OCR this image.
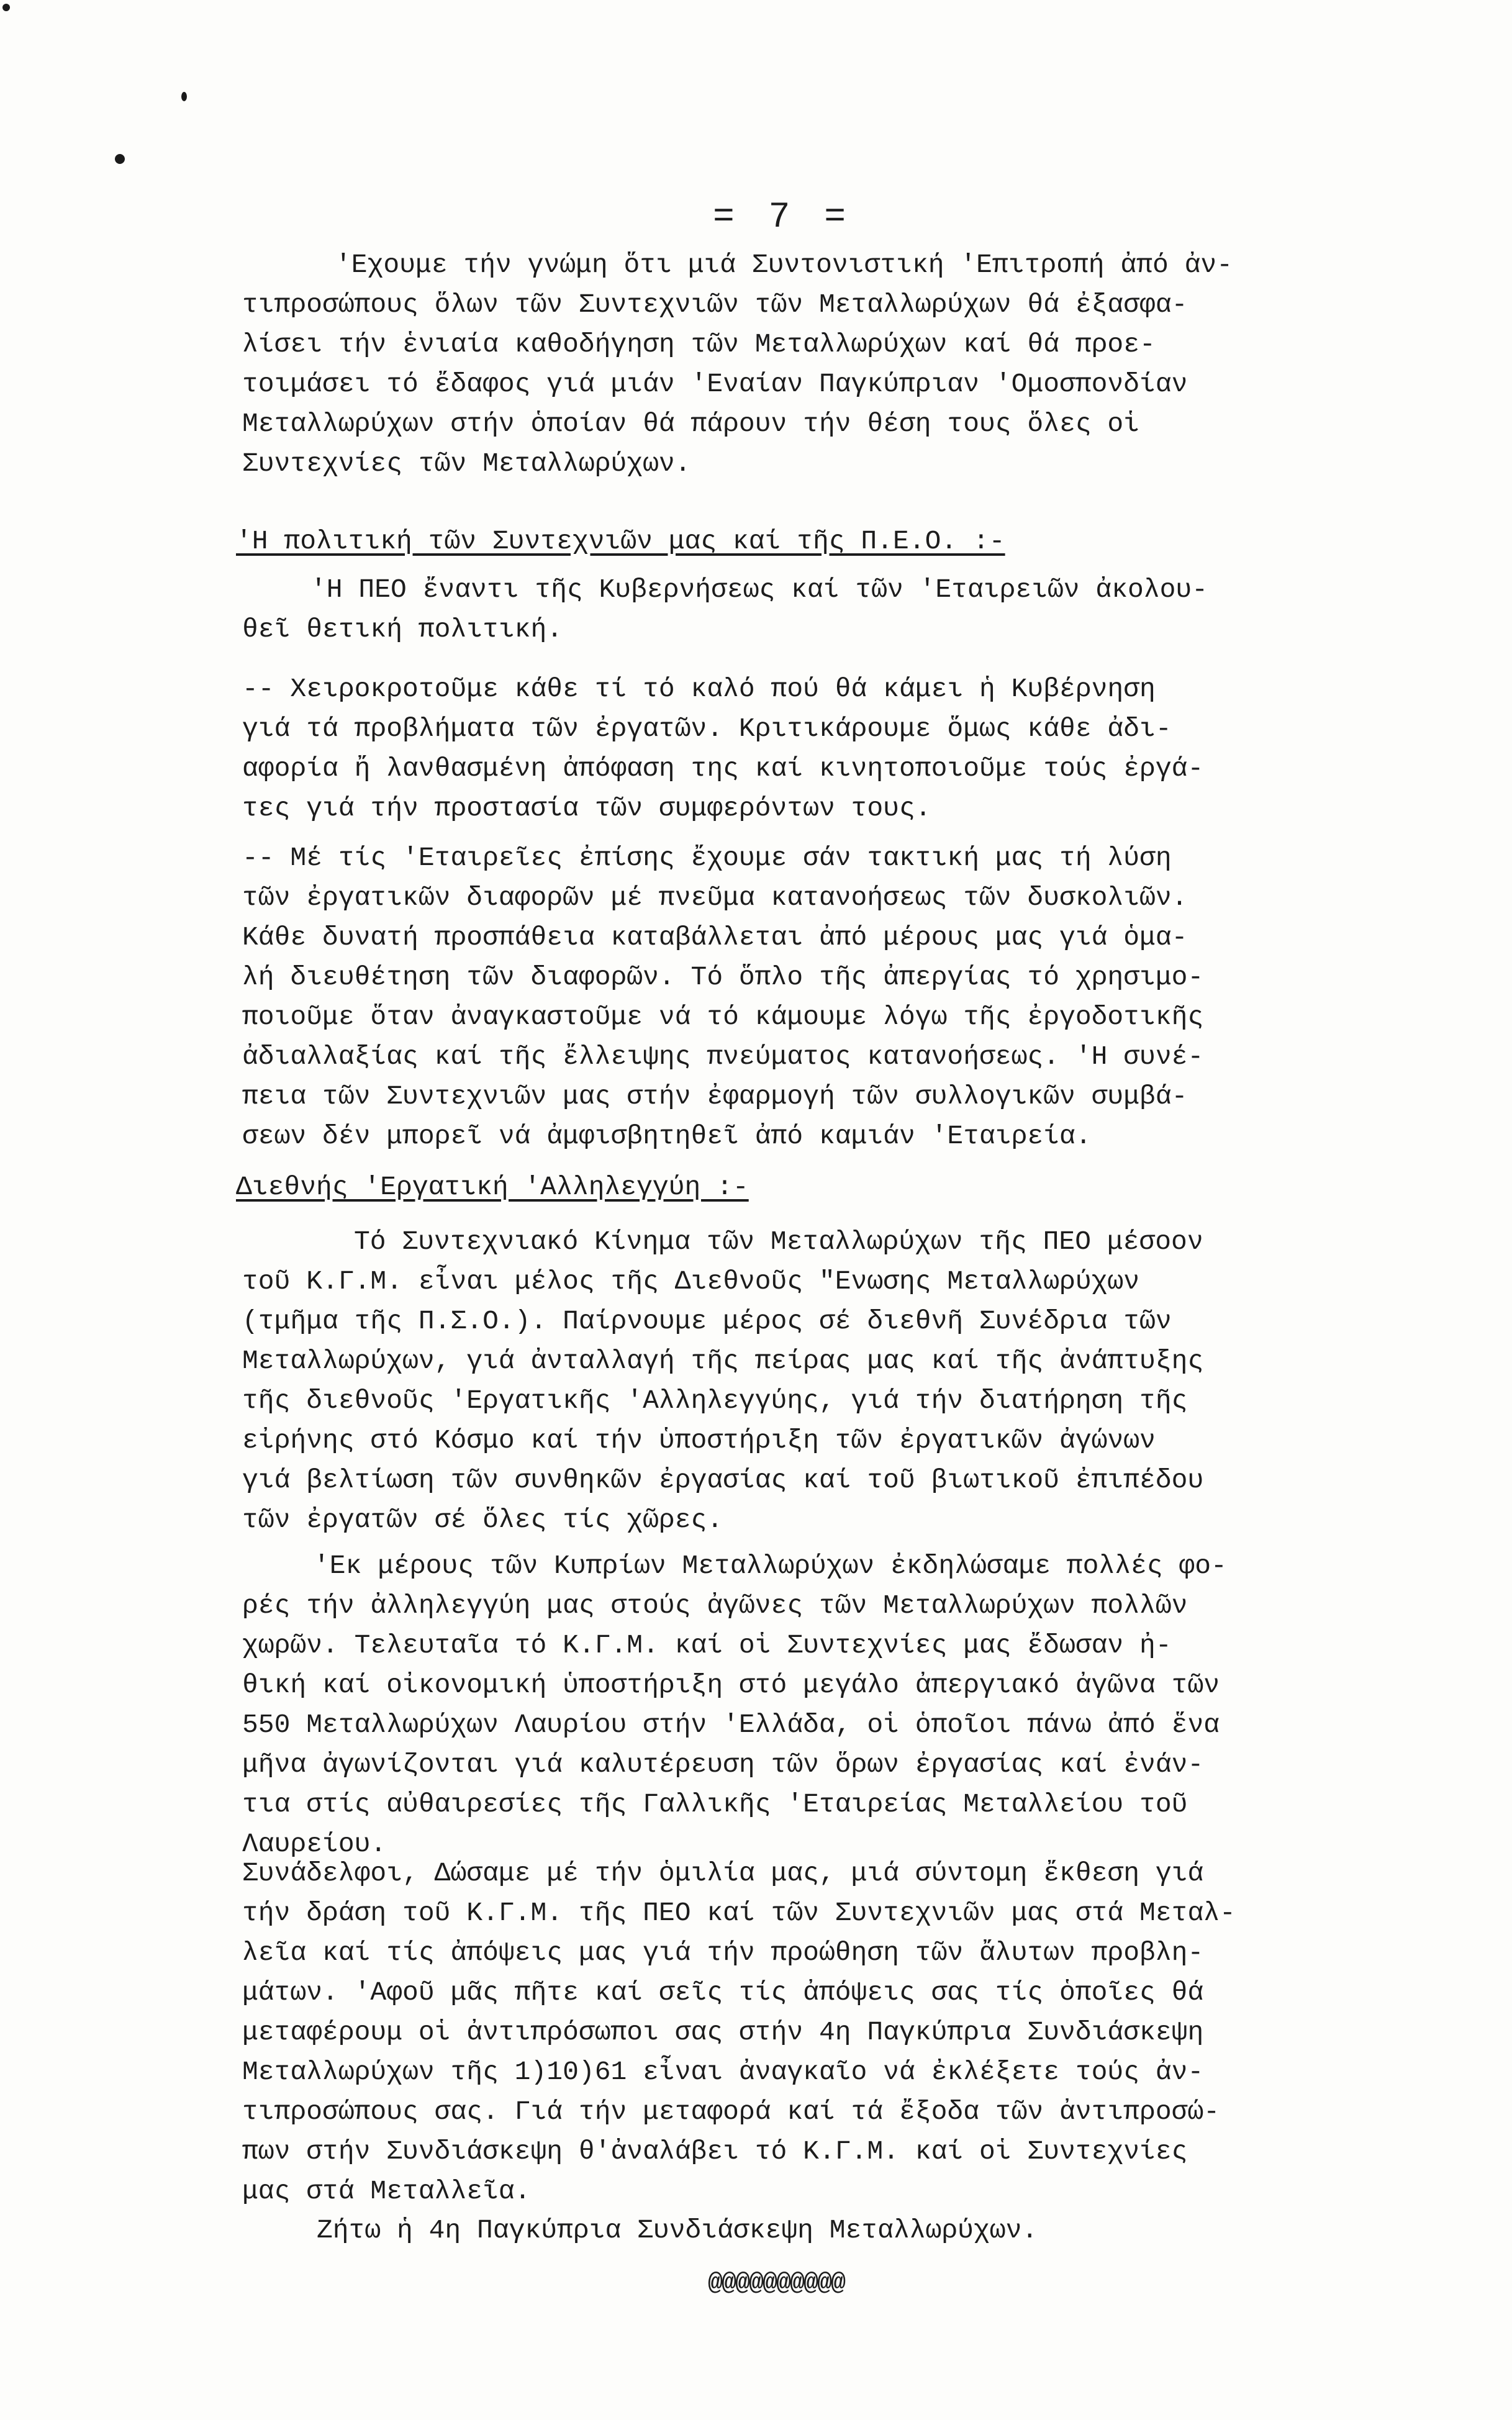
= 7 =
'Εχουμε τήν γνώμη ὅτι μιά Συντονιστική 'Επιτροπή ἀπό ἀν-
τιπροσώπους ὅλων τῶν Συντεχνιῶν τῶν Μεταλλωρύχων θά ἐξασφα-
λίσει τήν ἑνιαία καθοδήγηση τῶν Μεταλλωρύχων καί θά προε-
τοιμάσει τό ἔδαφος γιά μιάν 'Εναίαν Παγκύπριαν 'Ομοσπονδίαν
Μεταλλωρύχων στήν ὁποίαν θά πάρουν τήν θέση τους ὅλες οἱ
Συντεχνίες τῶν Μεταλλωρύχων.
'Η πολιτική τῶν Συντεχνιῶν μας καί τῆς Π.Ε.Ο. :-
'Η ΠΕΟ ἔναντι τῆς Κυβερνήσεως καί τῶν 'Εταιρειῶν ἀκολου-
θεῖ θετική πολιτική.
-- Χειροκροτοῦμε κάθε τί τό καλό πού θά κάμει ἡ Κυβέρνηση
γιά τά προβλήματα τῶν ἐργατῶν. Κριτικάρουμε ὅμως κάθε ἀδι-
αφορία ἤ λανθασμένη ἀπόφαση της καί κινητοποιοῦμε τούς ἐργά-
τες γιά τήν προστασία τῶν συμφερόντων τους.
-- Μέ τίς 'Εταιρεῖες ἐπίσης ἔχουμε σάν τακτική μας τή λύση
τῶν ἐργατικῶν διαφορῶν μέ πνεῦμα κατανοήσεως τῶν δυσκολιῶν.
Κάθε δυνατή προσπάθεια καταβάλλεται ἀπό μέρους μας γιά ὁμα-
λή διευθέτηση τῶν διαφορῶν. Τό ὅπλο τῆς ἀπεργίας τό χρησιμο-
ποιοῦμε ὅταν ἀναγκαστοῦμε νά τό κάμουμε λόγω τῆς ἐργοδοτικῆς
ἀδιαλλαξίας καί τῆς ἔλλειψης πνεύματος κατανοήσεως. 'Η συνέ-
πεια τῶν Συντεχνιῶν μας στήν ἐφαρμογή τῶν συλλογικῶν συμβά-
σεων δέν μπορεῖ νά ἀμφισβητηθεῖ ἀπό καμιάν 'Εταιρεία.
Διεθνής 'Εργατική 'Αλληλεγγύη :-
Τό Συντεχνιακό Κίνημα τῶν Μεταλλωρύχων τῆς ΠΕΟ μέσοον
τοῦ Κ.Γ.Μ. εἶναι μέλος τῆς Διεθνοῦς "Ενωσης Μεταλλωρύχων
(τμῆμα τῆς Π.Σ.Ο.). Παίρνουμε μέρος σέ διεθνῆ Συνέδρια τῶν
Μεταλλωρύχων, γιά ἀνταλλαγή τῆς πείρας μας καί τῆς ἀνάπτυξης
τῆς διεθνοῦς 'Εργατικῆς 'Αλληλεγγύης, γιά τήν διατήρηση τῆς
εἰρήνης στό Κόσμο καί τήν ὑποστήριξη τῶν ἐργατικῶν ἀγώνων
γιά βελτίωση τῶν συνθηκῶν ἐργασίας καί τοῦ βιωτικοῦ ἐπιπέδου
τῶν ἐργατῶν σέ ὅλες τίς χῶρες.
'Εκ μέρους τῶν Κυπρίων Μεταλλωρύχων ἐκδηλώσαμε πολλές φο-
ρές τήν ἀλληλεγγύη μας στούς ἀγῶνες τῶν Μεταλλωρύχων πολλῶν
χωρῶν. Τελευταῖα τό Κ.Γ.Μ. καί οἱ Συντεχνίες μας ἔδωσαν ἠ-
θική καί οἰκονομική ὑποστήριξη στό μεγάλο ἀπεργιακό ἀγῶνα τῶν
550 Μεταλλωρύχων Λαυρίου στήν 'Ελλάδα, οἱ ὁποῖοι πάνω ἀπό ἕνα
μῆνα ἀγωνίζονται γιά καλυτέρευση τῶν ὅρων ἐργασίας καί ἐνάν-
τια στίς αὐθαιρεσίες τῆς Γαλλικῆς 'Εταιρείας Μεταλλείου τοῦ
Λαυρείου.
Συνάδελφοι, Δώσαμε μέ τήν ὁμιλία μας, μιά σύντομη ἔκθεση γιά
τήν δράση τοῦ Κ.Γ.Μ. τῆς ΠΕΟ καί τῶν Συντεχνιῶν μας στά Μεταλ-
λεῖα καί τίς ἀπόψεις μας γιά τήν προώθηση τῶν ἄλυτων προβλη-
μάτων. 'Αφοῦ μᾶς πῆτε καί σεῖς τίς ἀπόψεις σας τίς ὁποῖες θά
μεταφέρουμ οἱ ἀντιπρόσωποι σας στήν 4η Παγκύπρια Συνδιάσκεψη
Μεταλλωρύχων τῆς 1)10)61 εἶναι ἀναγκαῖο νά ἐκλέξετε τούς ἀν-
τιπροσώπους σας. Γιά τήν μεταφορά καί τά ἔξοδα τῶν ἀντιπροσώ-
πων στήν Συνδιάσκεψη θ'ἀναλάβει τό Κ.Γ.Μ. καί οἱ Συντεχνίες
μας στά Μεταλλεῖα.
Ζήτω ἡ 4η Παγκύπρια Συνδιάσκεψη Μεταλλωρύχων.
@@@@@@@@@@
